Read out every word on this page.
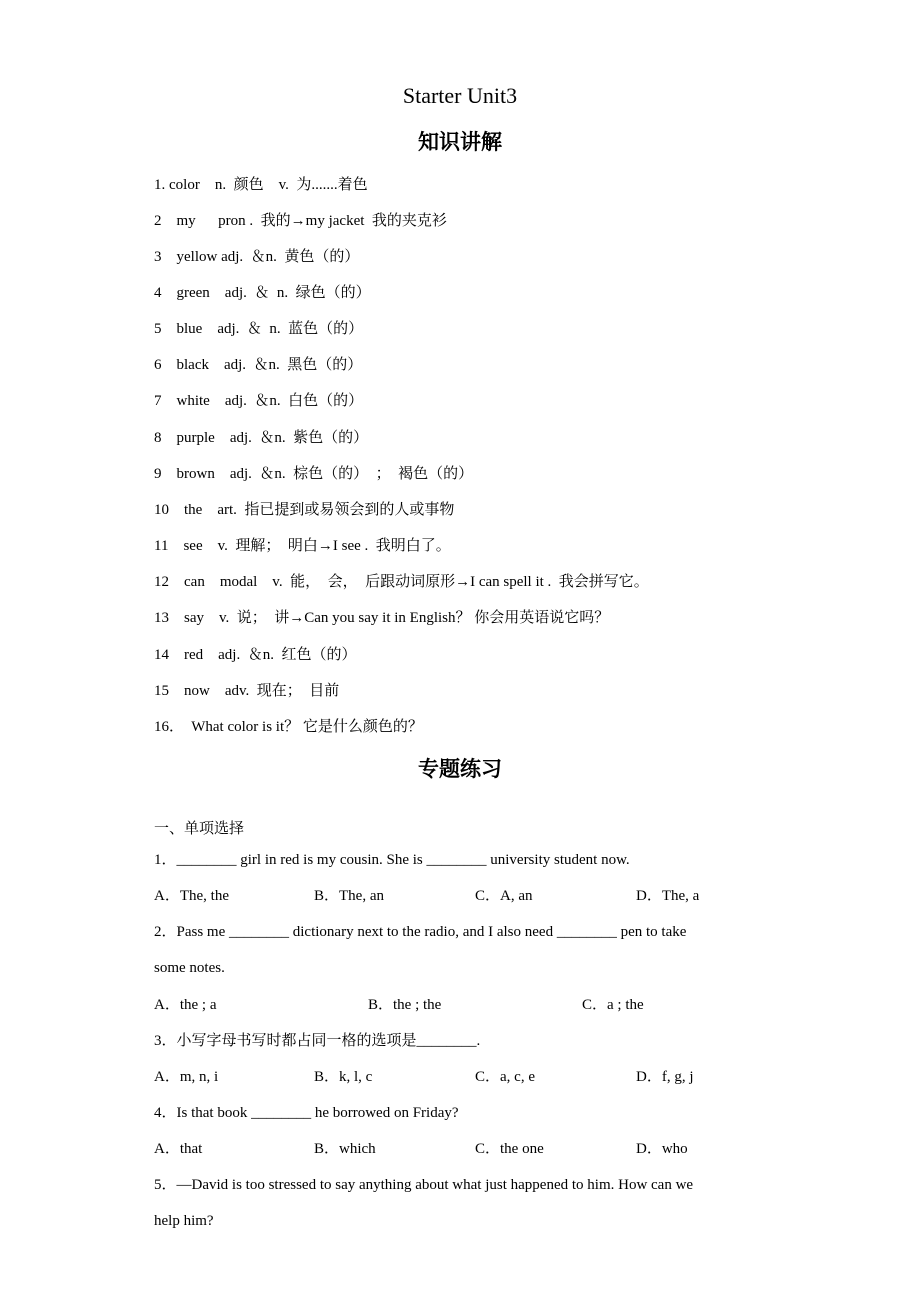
Starter Unit3
知识讲解
1. color    n.  颜色    v.  为.......着色
2    my      pron .  我的→my jacket  我的夹克衫
3    yellow adj.  ＆n.  黄色（的）
4    green    adj.  ＆  n.  绿色（的）
5    blue    adj.  ＆  n.  蓝色（的）
6    black    adj.  ＆n.  黑色（的）
7    white    adj.  ＆n.  白色（的）
8    purple    adj.  ＆n.  紫色（的）
9    brown    adj.  ＆n.  棕色（的）  ；  褐色（的）
10    the    art.  指已提到或易领会到的人或事物
11    see    v.  理解；  明白→I see .  我明白了。
12    can    modal    v.  能，  会，  后跟动词原形→I can spell it .  我会拼写它。
13    say    v.  说；  讲→Can you say it in English？ 你会用英语说它吗？
14    red    adj.  ＆n.  红色（的）
15    now    adv.  现在；  目前
16．  What color is it？ 它是什么颜色的？
专题练习
一、单项选择
1．________ girl in red is my cousin. She is ________ university student now.
A．The, the	B．The, an	C．A, an	D．The, a
2．Pass me ________ dictionary next to the radio, and I also need ________ pen to take
some notes.
A．the ; a	B．the ; the	C．a ; the
3．小写字母书写时都占同一格的选项是________.
A．m, n, i	B．k, l, c	C．a, c, e	D．f, g, j
4．Is that book ________ he borrowed on Friday?
A．that	B．which	C．the one	D．who
5．—David is too stressed to say anything about what just happened to him. How can we
help him?
